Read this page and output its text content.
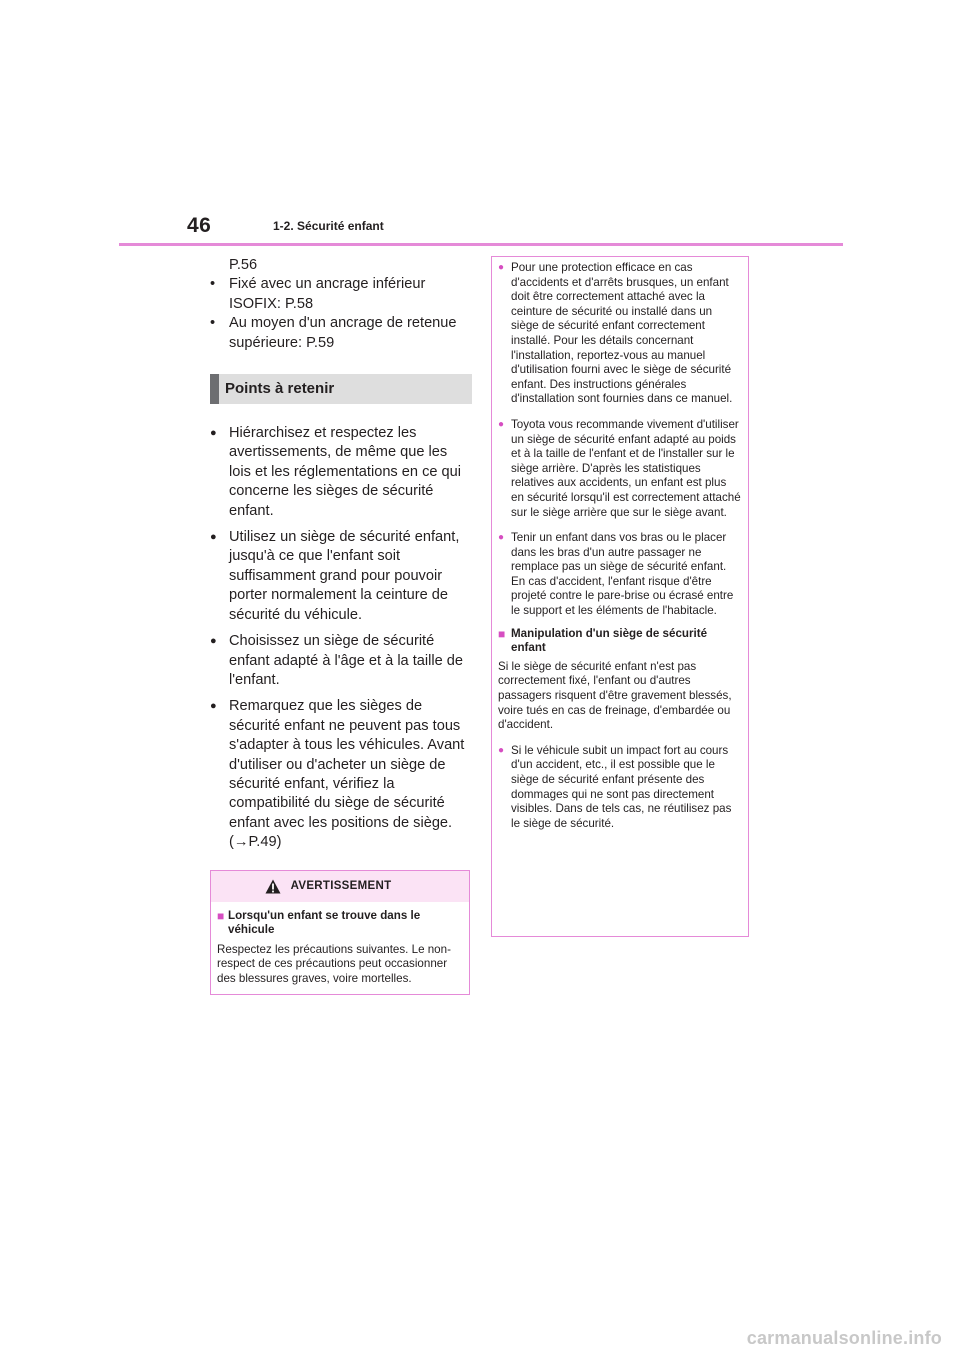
46	1-2. Sécurité enfant

P.56

• Fixé avec un ancrage inférieur ISOFIX: P.58
• Au moyen d'un ancrage de retenue supérieure: P.59
Points à retenir
● Hiérarchisez et respectez les avertissements, de même que les lois et les réglementations en ce qui concerne les sièges de sécurité enfant.
● Utilisez un siège de sécurité enfant, jusqu'à ce que l'enfant soit suffisamment grand pour pouvoir porter normalement la ceinture de sécurité du véhicule.
● Choisissez un siège de sécurité enfant adapté à l'âge et à la taille de l'enfant.
● Remarquez que les sièges de sécurité enfant ne peuvent pas tous s'adapter à tous les véhicules. Avant d'utiliser ou d'acheter un siège de sécurité enfant, vérifiez la compatibilité du siège de sécurité enfant avec les positions de siège. (→P.49)
AVERTISSEMENT
■ Lorsqu'un enfant se trouve dans le véhicule
Respectez les précautions suivantes. Le non-respect de ces précautions peut occasionner des blessures graves, voire mortelles.
● Pour une protection efficace en cas d'accidents et d'arrêts brusques, un enfant doit être correctement attaché avec la ceinture de sécurité ou installé dans un siège de sécurité enfant correctement installé. Pour les détails concernant l'installation, reportez-vous au manuel d'utilisation fourni avec le siège de sécurité enfant. Des instructions générales d'installation sont fournies dans ce manuel.
● Toyota vous recommande vivement d'utiliser un siège de sécurité enfant adapté au poids et à la taille de l'enfant et de l'installer sur le siège arrière. D'après les statistiques relatives aux accidents, un enfant est plus en sécurité lorsqu'il est correctement attaché sur le siège arrière que sur le siège avant.
● Tenir un enfant dans vos bras ou le placer dans les bras d'un autre passager ne remplace pas un siège de sécurité enfant. En cas d'accident, l'enfant risque d'être projeté contre le pare-brise ou écrasé entre le support et les éléments de l'habitacle.
■ Manipulation d'un siège de sécurité enfant
Si le siège de sécurité enfant n'est pas correctement fixé, l'enfant ou d'autres passagers risquent d'être gravement blessés, voire tués en cas de freinage, d'embardée ou d'accident.
● Si le véhicule subit un impact fort au cours d'un accident, etc., il est possible que le siège de sécurité enfant présente des dommages qui ne sont pas directement visibles. Dans de tels cas, ne réutilisez pas le siège de sécurité.
carmanualsonline.info
